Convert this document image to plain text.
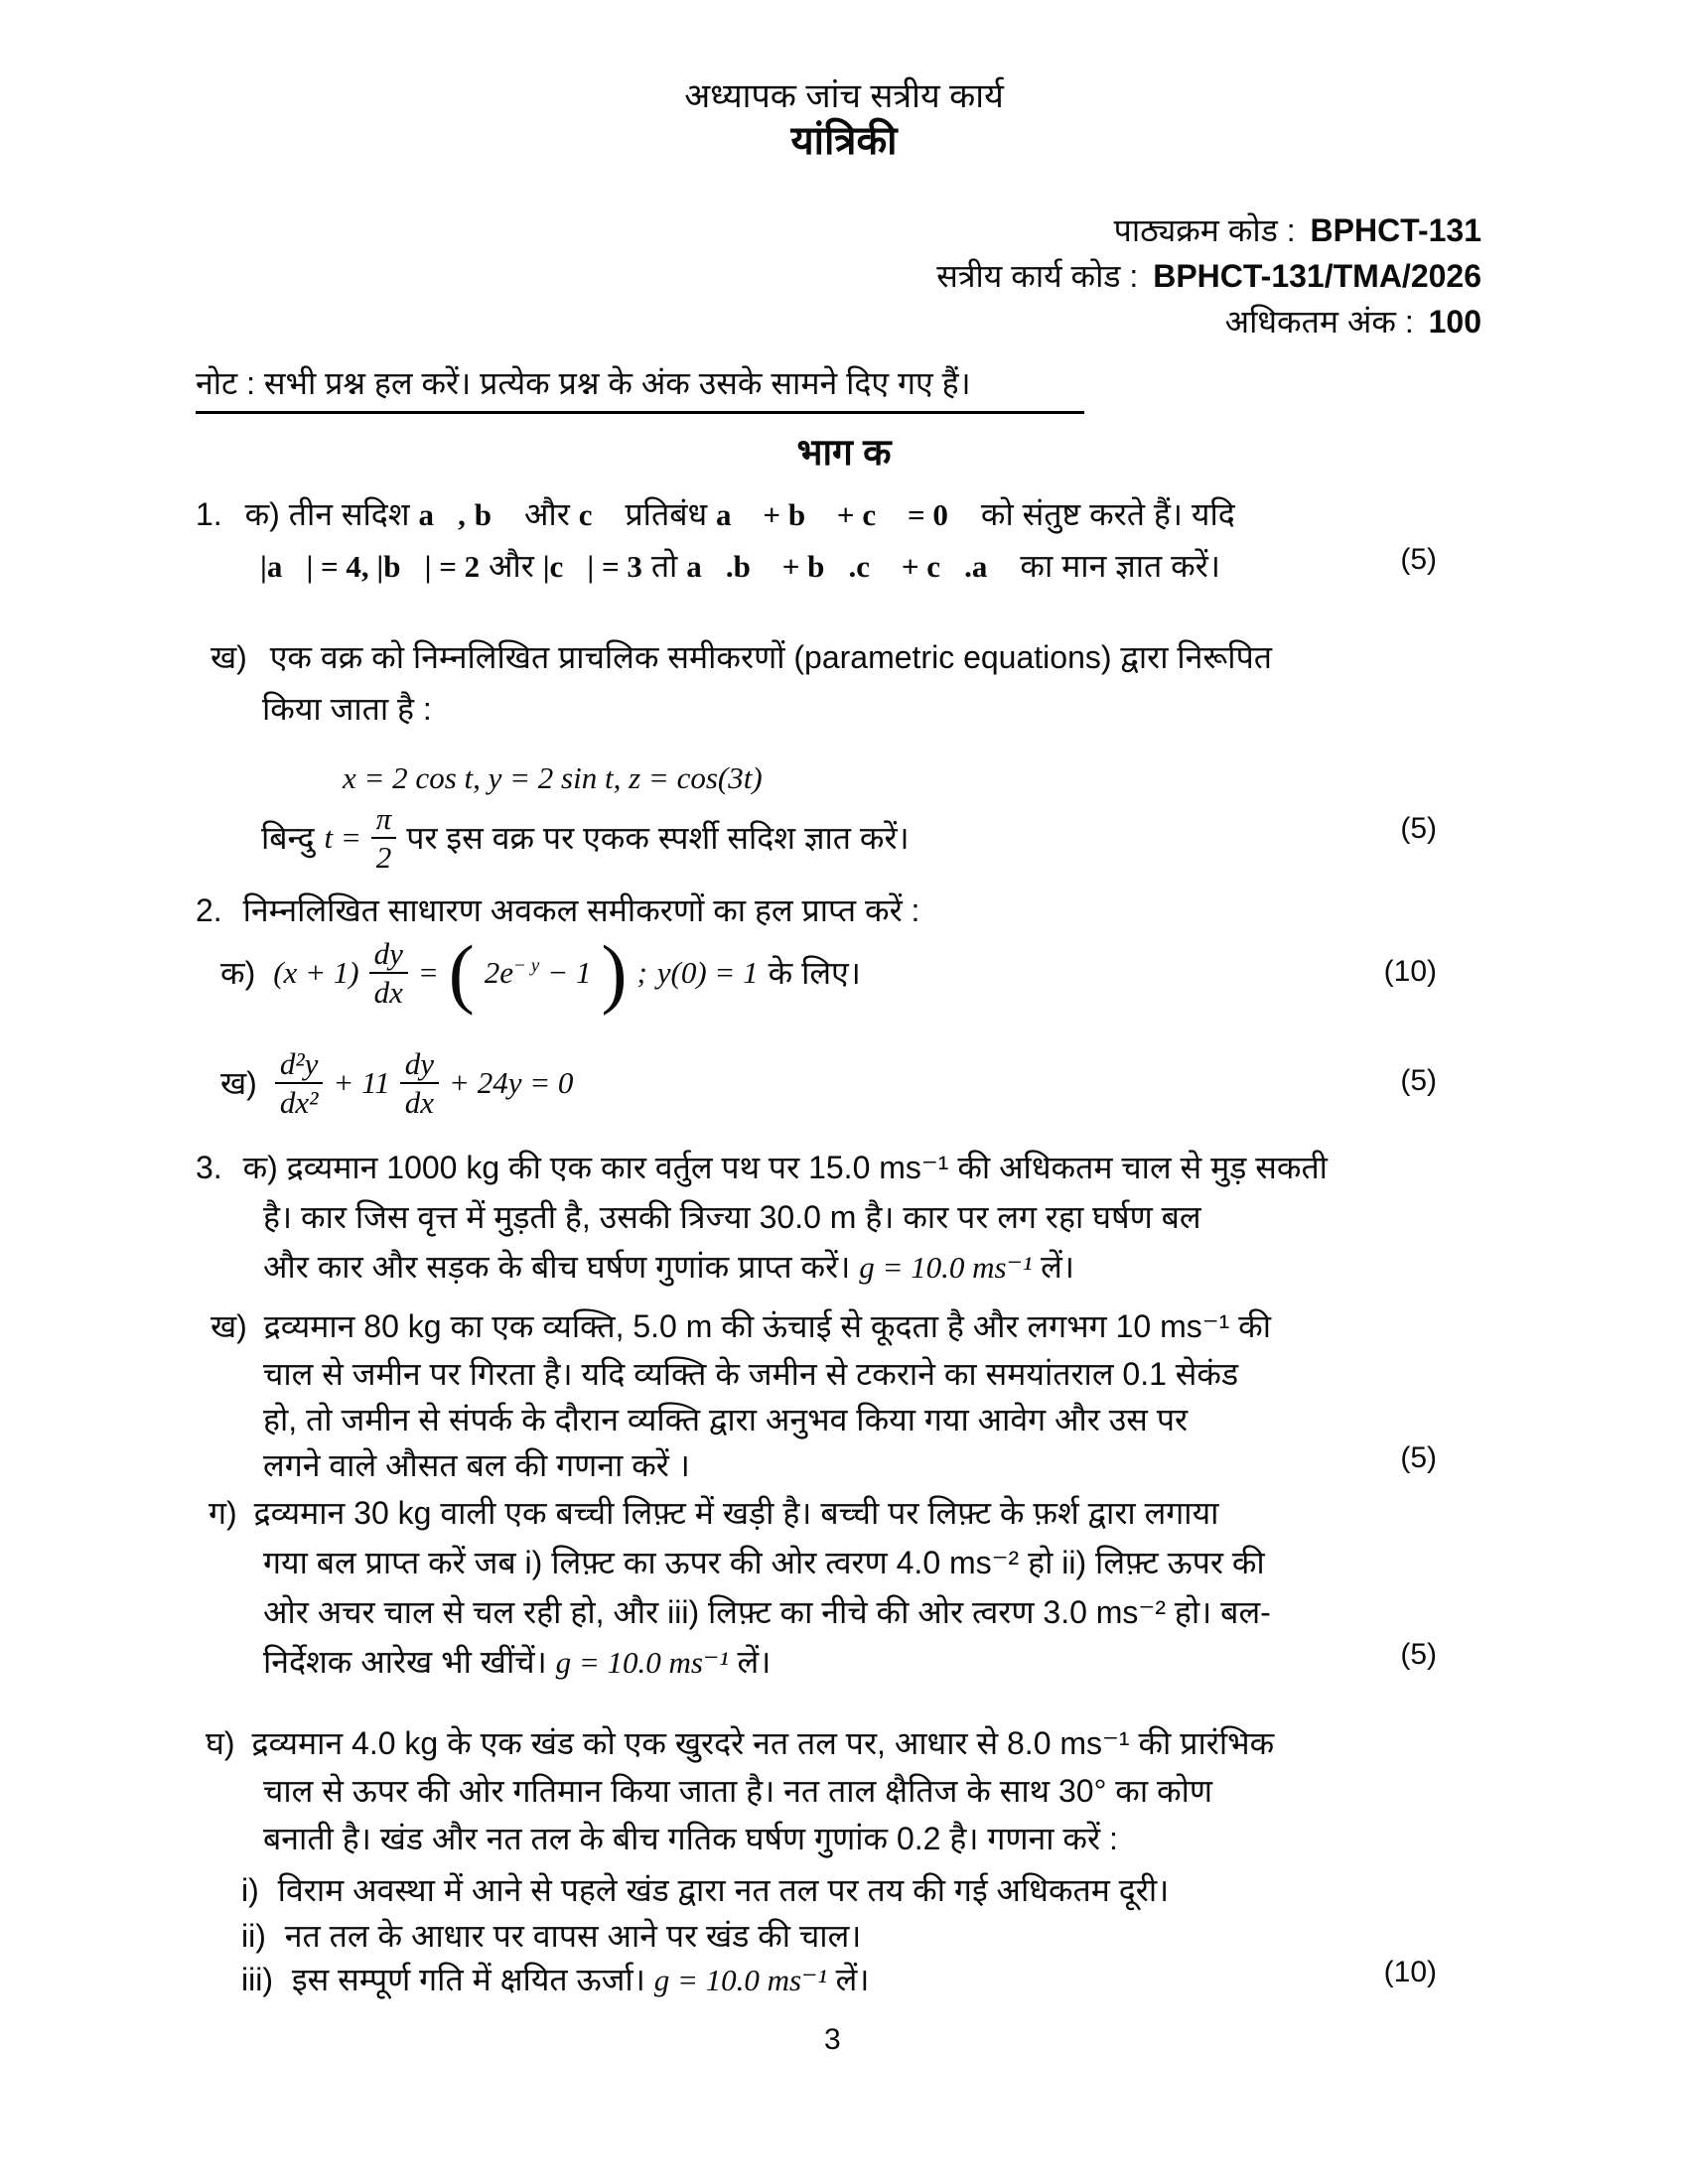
अध्यापक जांच सत्रीय कार्य
यांत्रिकी
पाठ्यक्रम कोड : BPHCT-131
सत्रीय कार्य कोड : BPHCT-131/TMA/2026
अधिकतम अंक : 100
नोट : सभी प्रश्न हल करें। प्रत्येक प्रश्न के अंक उसके सामने दिए गए हैं।
भाग क
1. क) तीन सदिश a⃗, b⃗ और c⃗ प्रतिबंध a⃗ + b⃗ + c⃗ = 0⃗ को संतुष्ट करते हैं। यदि
|a⃗| = 4, |b⃗| = 2 और |c⃗| = 3 तो a⃗.b⃗ + b⃗.c⃗ + c⃗.a⃗ का मान ज्ञात करें।	(5)
ख) एक वक्र को निम्नलिखित प्राचलिक समीकरणों (parametric equations) द्वारा निरूपित
किया जाता है :
x = 2 cos t, y = 2 sin t, z = cos(3t)
बिन्दु $t = \frac{\pi}{2}$ पर इस वक्र पर एकक स्पर्शी सदिश ज्ञात करें।	(5)
2. निम्नलिखित साधारण अवकल समीकरणों का हल प्राप्त करें :
क) $(x + 1) \frac{dy}{dx}$ = ( $2e^{- y} - 1$ ) ; y(0) = 1 के लिए।	(10)
ख) $\frac{\text{d²y}}{\text{dx²}} + 11 \frac{dy}{dx} + 24y = 0$	(5)
3. क) द्रव्यमान 1000 kg की एक कार वर्तुल पथ पर 15.0 ms⁻¹ की अधिकतम चाल से मुड़ सकती
है। कार जिस वृत्त में मुड़ती है, उसकी त्रिज्या 30.0 m है। कार पर लग रहा घर्षण बल
और कार और सड़क के बीच घर्षण गुणांक प्राप्त करें। g = 10.0 ms⁻¹ लें।
ख) द्रव्यमान 80 kg का एक व्यक्ति, 5.0 m की ऊंचाई से कूदता है और लगभग 10 ms⁻¹ की
चाल से जमीन पर गिरता है। यदि व्यक्ति के जमीन से टकराने का समयांतराल 0.1 सेकंड
हो, तो जमीन से संपर्क के दौरान व्यक्ति द्वारा अनुभव किया गया आवेग और उस पर
लगने वाले औसत बल की गणना करें ।	(5)
ग) द्रव्यमान 30 kg वाली एक बच्ची लिफ़्ट में खड़ी है। बच्ची पर लिफ़्ट के फ़र्श द्वारा लगाया
गया बल प्राप्त करें जब i) लिफ़्ट का ऊपर की ओर त्वरण 4.0 ms⁻² हो ii) लिफ़्ट ऊपर की
ओर अचर चाल से चल रही हो, और iii) लिफ़्ट का नीचे की ओर त्वरण 3.0 ms⁻² हो। बल-
निर्देशक आरेख भी खींचें। g = 10.0 ms⁻¹ लें।	(5)
घ) द्रव्यमान 4.0 kg के एक खंड को एक खुरदरे नत तल पर, आधार से 8.0 ms⁻¹ की प्रारंभिक
चाल से ऊपर की ओर गतिमान किया जाता है। नत ताल क्षैतिज के साथ 30° का कोण
बनाती है। खंड और नत तल के बीच गतिक घर्षण गुणांक 0.2 है। गणना करें :
i) विराम अवस्था में आने से पहले खंड द्वारा नत तल पर तय की गई अधिकतम दूरी।
ii) नत तल के आधार पर वापस आने पर खंड की चाल।
iii) इस सम्पूर्ण गति में क्षयित ऊर्जा। g = 10.0 ms⁻¹ लें।	(10)
3
